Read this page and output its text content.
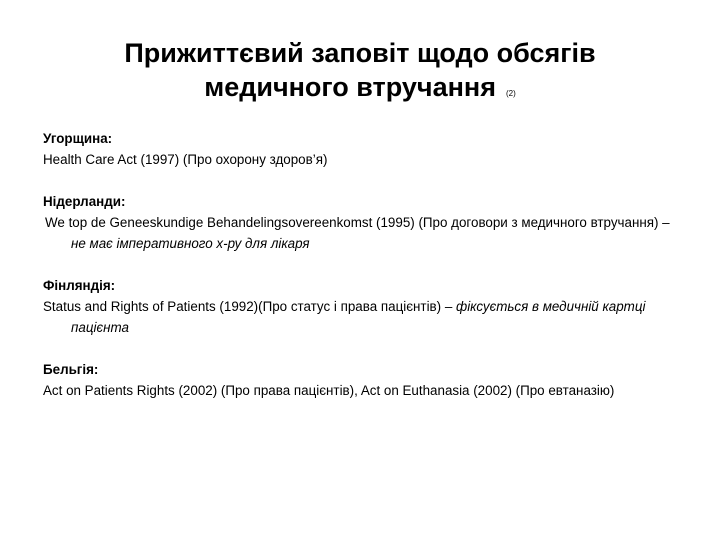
Прижиттєвий заповіт щодо обсягів
медичного втручання (2)
Угорщина:
Health Care Act (1997) (Про охорону здоров’я)
Нідерланди:
We top de Geneeskundige Behandelingsovereenkomst (1995) (Про договори з медичного втручання) – не має імперативного х-ру для лікаря
Фінляндія:
Status and Rights of Patients (1992)(Про статус і права пацієнтів) – фіксується в медичній картці пацієнта
Бельгія:
Act on Patients Rights (2002) (Про права пацієнтів), Act on Euthanasia (2002) (Про евтаназію)
